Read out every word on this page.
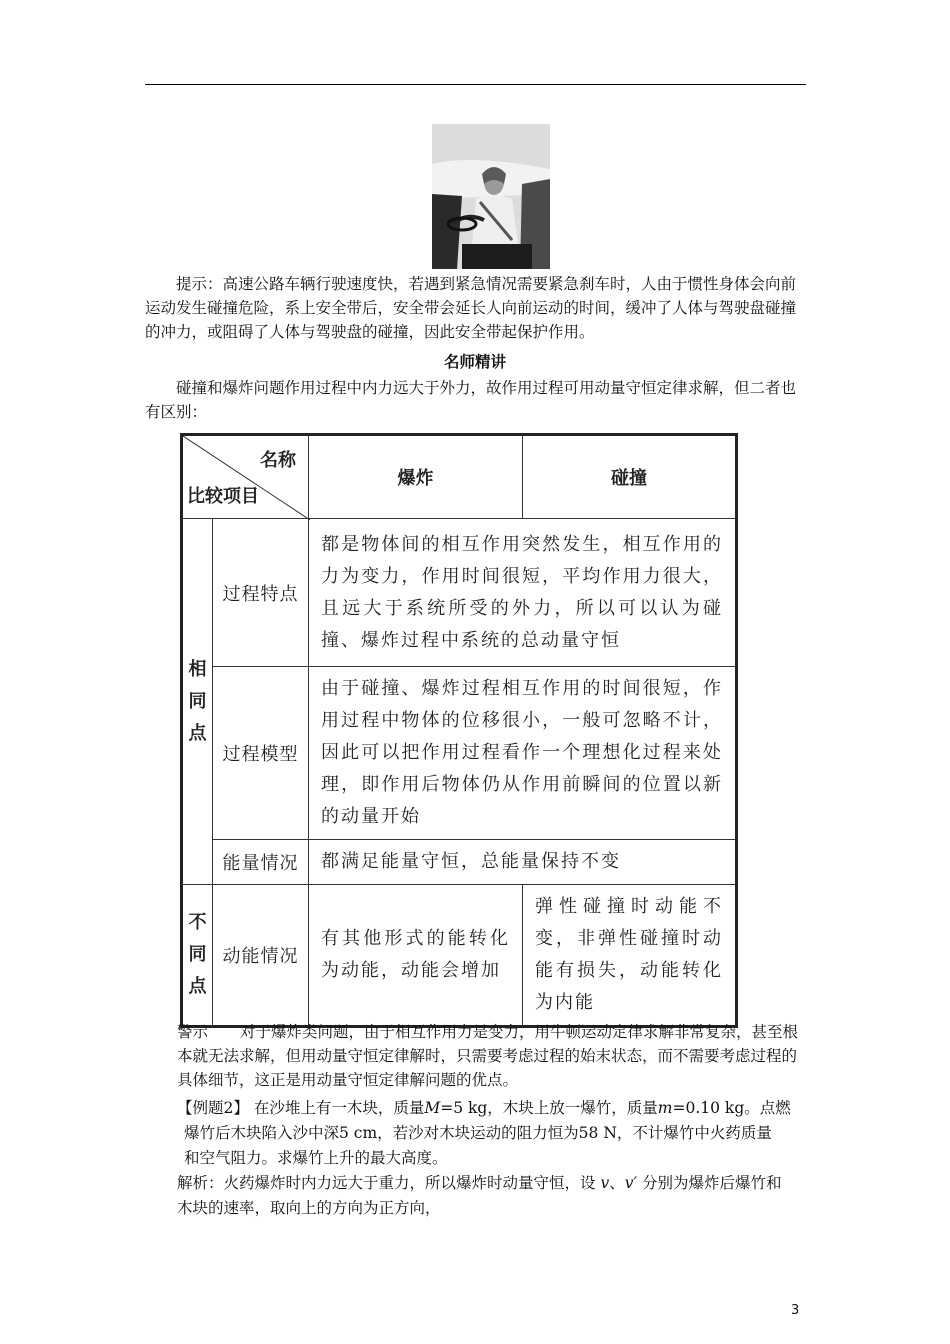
提示：高速公路车辆行驶速度快，若遇到紧急情况需要紧急刹车时，人由于惯性身体会向前运动发生碰撞危险，系上安全带后，安全带会延长人向前运动的时间，缓冲了人体与驾驶盘碰撞的冲力，或阻碍了人体与驾驶盘的碰撞，因此安全带起保护作用。

名师精讲

碰撞和爆炸问题作用过程中内力远大于外力，故作用过程可用动量守恒定律求解，但二者也有区别：

名称
比较项目		爆炸	碰撞
相
同
点	过程特点	都是物体间的相互作用突然发生，相互作用的力为变力，作用时间很短，平均作用力很大，且远大于系统所受的外力，所以可以认为碰撞、爆炸过程中系统的总动量守恒	
	过程模型	由于碰撞、爆炸过程相互作用的时间很短，作用过程中物体的位移很小，一般可忽略不计，因此可以把作用过程看作一个理想化过程来处理，即作用后物体仍从作用前瞬间的位置以新的动量开始	
	能量情况	都满足能量守恒，总能量保持不变	
不
同
点	动能情况	有其他形式的能转化为动能，动能会增加	弹性碰撞时动能不变，非弹性碰撞时动能有损失，动能转化为内能

警示 对于爆炸类问题，由于相互作用力是变力，用牛顿运动定律求解非常复杂，甚至根本就无法求解，但用动量守恒定律解时，只需要考虑过程的始末状态，而不需要考虑过程的具体细节，这正是用动量守恒定律解问题的优点。

【例题2】 在沙堆上有一木块，质量M=5 kg，木块上放一爆竹，质量m=0.10 kg。点燃

爆竹后木块陷入沙中深5 cm，若沙对木块运动的阻力恒为58 N，不计爆竹中火药质量

和空气阻力。求爆竹上升的最大高度。

解析：火药爆炸时内力远大于重力，所以爆炸时动量守恒，设 v、v′ 分别为爆炸后爆竹和

木块的速率，取向上的方向为正方向，

3
